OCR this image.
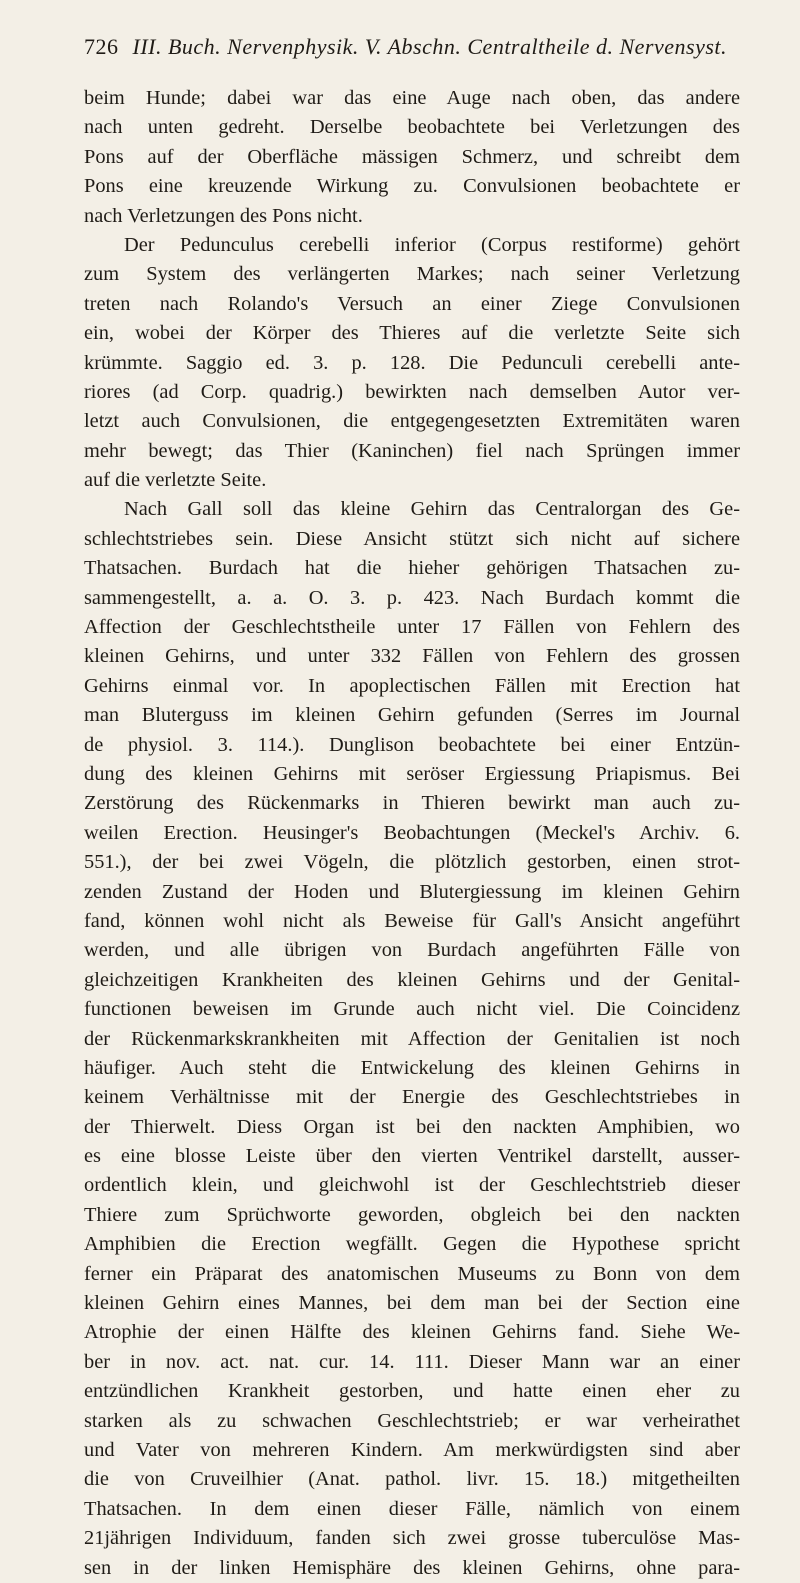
726 III. Buch. Nervenphysik. V. Abschn. Centraltheile d. Nervensyst.
beim Hunde; dabei war das eine Auge nach oben, das andere
nach unten gedreht. Derselbe beobachtete bei Verletzungen des
Pons auf der Oberfläche mässigen Schmerz, und schreibt dem
Pons eine kreuzende Wirkung zu. Convulsionen beobachtete er
nach Verletzungen des Pons nicht.
Der Pedunculus cerebelli inferior (Corpus restiforme) gehört
zum System des verlängerten Markes; nach seiner Verletzung
treten nach Rolando's Versuch an einer Ziege Convulsionen
ein, wobei der Körper des Thieres auf die verletzte Seite sich
krümmte. Saggio ed. 3. p. 128. Die Pedunculi cerebelli ante-
riores (ad Corp. quadrig.) bewirkten nach demselben Autor ver-
letzt auch Convulsionen, die entgegengesetzten Extremitäten waren
mehr bewegt; das Thier (Kaninchen) fiel nach Sprüngen immer
auf die verletzte Seite.
Nach Gall soll das kleine Gehirn das Centralorgan des Ge-
schlechtstriebes sein. Diese Ansicht stützt sich nicht auf sichere
Thatsachen. Burdach hat die hieher gehörigen Thatsachen zu-
sammengestellt, a. a. O. 3. p. 423. Nach Burdach kommt die
Affection der Geschlechtstheile unter 17 Fällen von Fehlern des
kleinen Gehirns, und unter 332 Fällen von Fehlern des grossen
Gehirns einmal vor. In apoplectischen Fällen mit Erection hat
man Bluterguss im kleinen Gehirn gefunden (Serres im Journal
de physiol. 3. 114.). Dunglison beobachtete bei einer Entzün-
dung des kleinen Gehirns mit seröser Ergiessung Priapismus. Bei
Zerstörung des Rückenmarks in Thieren bewirkt man auch zu-
weilen Erection. Heusinger's Beobachtungen (Meckel's Archiv. 6.
551.), der bei zwei Vögeln, die plötzlich gestorben, einen strot-
zenden Zustand der Hoden und Blutergiessung im kleinen Gehirn
fand, können wohl nicht als Beweise für Gall's Ansicht angeführt
werden, und alle übrigen von Burdach angeführten Fälle von
gleichzeitigen Krankheiten des kleinen Gehirns und der Genital-
functionen beweisen im Grunde auch nicht viel. Die Coincidenz
der Rückenmarkskrankheiten mit Affection der Genitalien ist noch
häufiger. Auch steht die Entwickelung des kleinen Gehirns in
keinem Verhältnisse mit der Energie des Geschlechtstriebes in
der Thierwelt. Diess Organ ist bei den nackten Amphibien, wo
es eine blosse Leiste über den vierten Ventrikel darstellt, ausser-
ordentlich klein, und gleichwohl ist der Geschlechtstrieb dieser
Thiere zum Sprüchworte geworden, obgleich bei den nackten
Amphibien die Erection wegfällt. Gegen die Hypothese spricht
ferner ein Präparat des anatomischen Museums zu Bonn von dem
kleinen Gehirn eines Mannes, bei dem man bei der Section eine
Atrophie der einen Hälfte des kleinen Gehirns fand. Siehe We-
ber in nov. act. nat. cur. 14. 111. Dieser Mann war an einer
entzündlichen Krankheit gestorben, und hatte einen eher zu
starken als zu schwachen Geschlechtstrieb; er war verheirathet
und Vater von mehreren Kindern. Am merkwürdigsten sind aber
die von Cruveilhier (Anat. pathol. livr. 15. 18.) mitgetheilten
Thatsachen. In dem einen dieser Fälle, nämlich von einem
21jährigen Individuum, fanden sich zwei grosse tuberculöse Mas-
sen in der linken Hemisphäre des kleinen Gehirns, ohne para-
